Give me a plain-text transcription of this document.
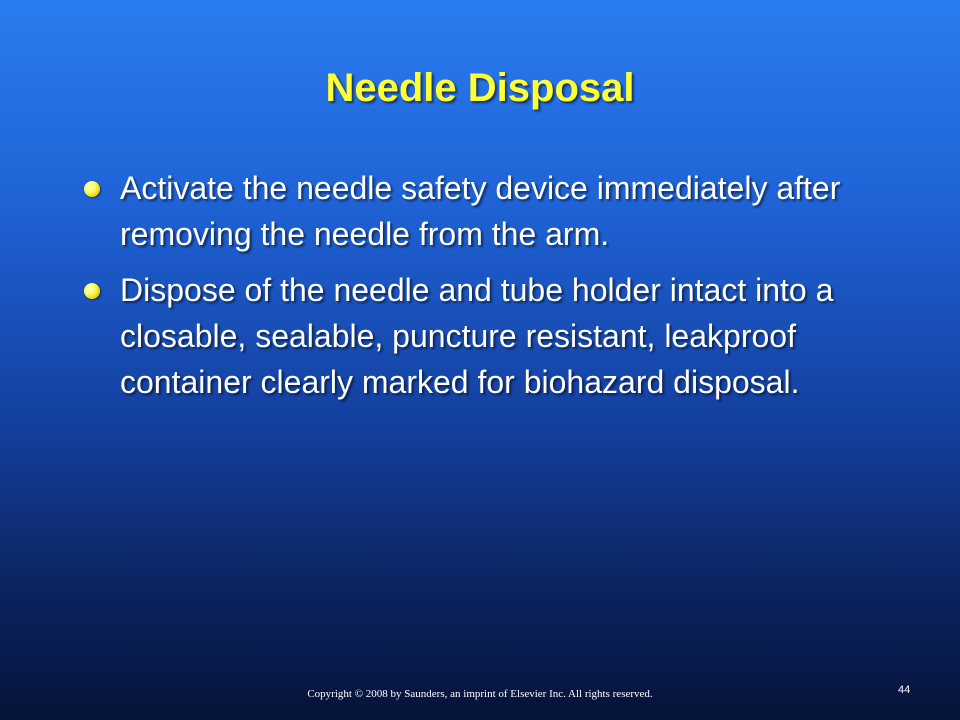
Needle Disposal
Activate the needle safety device immediately after removing the needle from the arm.
Dispose of the needle and tube holder intact into a closable, sealable, puncture resistant, leakproof container clearly marked for biohazard disposal.
Copyright © 2008 by Saunders, an imprint of Elsevier Inc. All rights reserved.	44
